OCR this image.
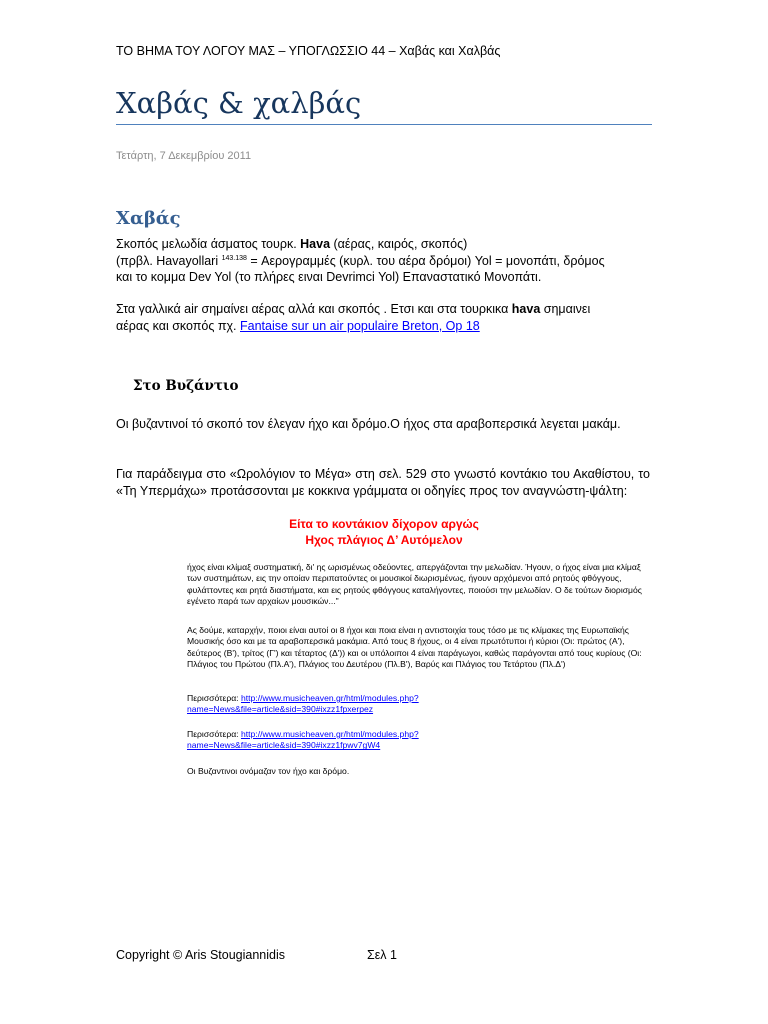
ΤΟ ΒΗΜΑ ΤΟΥ ΛΟΓΟΥ ΜΑΣ – ΥΠΟΓΛΩΣΣΙΟ 44 – Χαβάς και Χαλβάς
Χαβάς & χαλβάς
Τετάρτη, 7 Δεκεμβρίου 2011
Χαβάς
Σκοπός μελωδία άσματος τουρκ. Hava (αέρας, καιρός, σκοπός)
(πρβλ. Havayollari $^{143.138}$ = Αερογραμμές (κυρλ. του αέρα δρόμοι) Yol = μονοπάτι, δρόμος
και το κομμα Dev Yol (το πλήρες ειναι Devrimci Yol) Επαναστατικό Μονοπάτι.
Στα γαλλικά air σημαίνει αέρας αλλά και σκοπός . Ετσι και στα τουρκικα hava σημαινει
αέρας και σκοπός πχ. Fantaise sur un air populaire Breton, Op 18
Στο Βυζάντιο
Οι βυζαντινοί τό σκοπό τον έλεγαν ήχο και δρόμο.Ο ήχος στα αραβοπερσικά λεγεται μακάμ.
Για παράδειγμα στο «Ωρολόγιον το Μέγα» στη σελ. 529 στο γνωστό κοντάκιο του Ακαθίστου, το «Τη Υπερμάχω» προτάσσονται με κοκκινα γράμματα οι οδηγίες προς τον αναγνώστη-ψάλτη:
Είτα το κοντάκιον δίχορον αργώς
Ηχος πλάγιος Δ’ Αυτόμελον
ήχος είναι κλίμαξ συστηματική, δι' ης ωρισμένως οδεύοντες, απεργάζονται την μελωδίαν. Ήγουν, ο ήχος είναι μια κλίμαξ των συστημάτων, εις την οποίαν περιπατούντες οι μουσικοί διωρισμένως, ήγουν αρχόμενοι από ρητούς φθόγγους, φυλάττοντες και ρητά διαστήματα, και εις ρητούς φθόγγους καταλήγοντες, ποιούσι την μελωδίαν. Ο δε τούτων διορισμός εγένετο παρά των αρχαίων μουσικών..."
Ας δούμε, καταρχήν, ποιοι είναι αυτοί οι 8 ήχοι και ποια είναι η αντιστοιχία τους τόσο με τις κλίμακες της Ευρωπαϊκής Μουσικής όσο και με τα αραβοπερσικά μακάμια. Από τους 8 ήχους, οι 4 είναι πρωτότυποι ή κύριοι (Οι: πρώτος (Α'), δεύτερος (Β'), τρίτος (Γ') και τέταρτος (Δ')) και οι υπόλοιποι 4 είναι παράγωγοι, καθώς παράγονται από τους κυρίους (Οι: Πλάγιος του Πρώτου (Πλ.Α'), Πλάγιος του Δευτέρου (Πλ.Β'), Βαρύς και Πλάγιος του Τετάρτου (Πλ.Δ')
Περισσότερα: http://www.musicheaven.gr/html/modules.php?
name=News&file=article&sid=390#ixzz1fpxerpez
Περισσότερα: http://www.musicheaven.gr/html/modules.php?
name=News&file=article&sid=390#ixzz1fpwv7gW4
Οι Βυζαντινοι ονόμαζαν τον ήχο και δρόμο.
Copyright © Aris Stougiannidis	Σελ 1
